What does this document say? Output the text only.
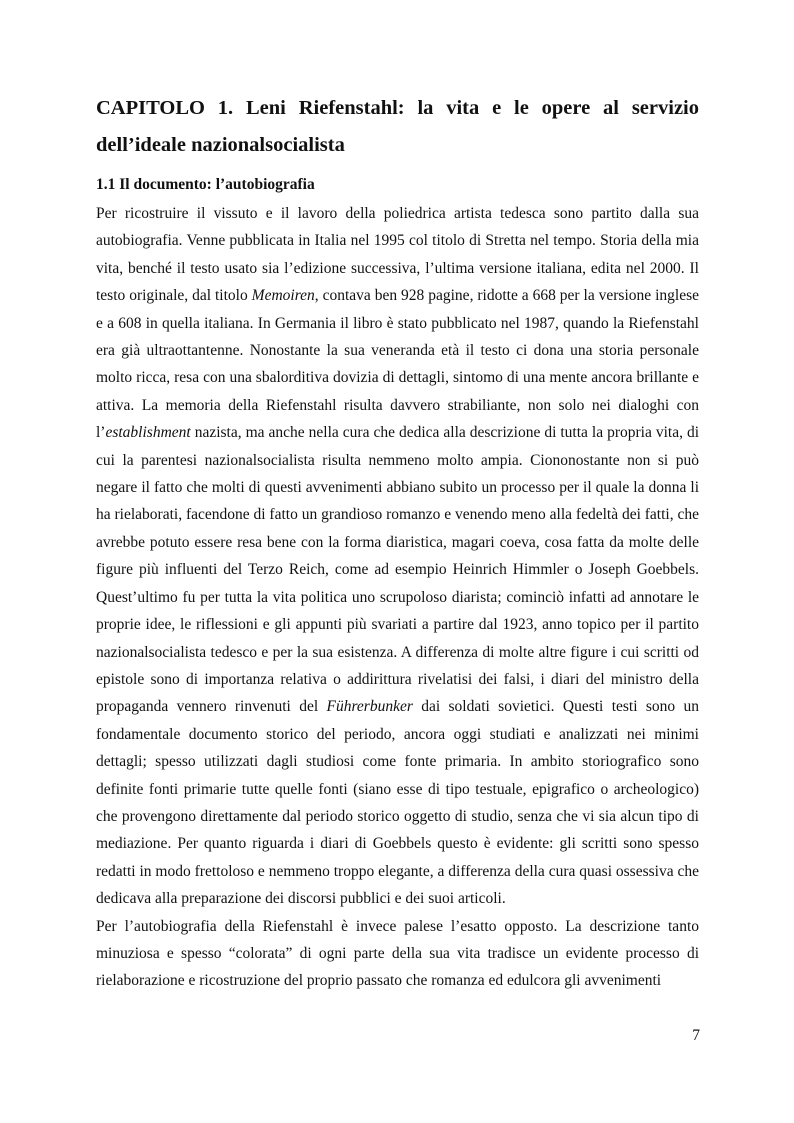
CAPITOLO 1. Leni Riefenstahl: la vita e le opere al servizio dell’ideale nazionalsocialista
1.1 Il documento: l’autobiografia

Per ricostruire il vissuto e il lavoro della poliedrica artista tedesca sono partito dalla sua autobiografia. Venne pubblicata in Italia nel 1995 col titolo di Stretta nel tempo. Storia della mia vita, benché il testo usato sia l’edizione successiva, l’ultima versione italiana, edita nel 2000. Il testo originale, dal titolo Memoiren, contava ben 928 pagine, ridotte a 668 per la versione inglese e a 608 in quella italiana. In Germania il libro è stato pubblicato nel 1987, quando la Riefenstahl era già ultraottantenne. Nonostante la sua veneranda età il testo ci dona una storia personale molto ricca, resa con una sbalorditiva dovizia di dettagli, sintomo di una mente ancora brillante e attiva. La memoria della Riefenstahl risulta davvero strabiliante, non solo nei dialoghi con l’establishment nazista, ma anche nella cura che dedica alla descrizione di tutta la propria vita, di cui la parentesi nazionalsocialista risulta nemmeno molto ampia. Ciononostante non si può negare il fatto che molti di questi avvenimenti abbiano subito un processo per il quale la donna li ha rielaborati, facendone di fatto un grandioso romanzo e venendo meno alla fedeltà dei fatti, che avrebbe potuto essere resa bene con la forma diaristica, magari coeva, cosa fatta da molte delle figure più influenti del Terzo Reich, come ad esempio Heinrich Himmler o Joseph Goebbels. Quest’ultimo fu per tutta la vita politica uno scrupoloso diarista; cominciò infatti ad annotare le proprie idee, le riflessioni e gli appunti più svariati a partire dal 1923, anno topico per il partito nazionalsocialista tedesco e per la sua esistenza. A differenza di molte altre figure i cui scritti od epistole sono di importanza relativa o addirittura rivelatisi dei falsi, i diari del ministro della propaganda vennero rinvenuti del Führerbunker dai soldati sovietici. Questi testi sono un fondamentale documento storico del periodo, ancora oggi studiati e analizzati nei minimi dettagli; spesso utilizzati dagli studiosi come fonte primaria. In ambito storiografico sono definite fonti primarie tutte quelle fonti (siano esse di tipo testuale, epigrafico o archeologico) che provengono direttamente dal periodo storico oggetto di studio, senza che vi sia alcun tipo di mediazione. Per quanto riguarda i diari di Goebbels questo è evidente: gli scritti sono spesso redatti in modo frettoloso e nemmeno troppo elegante, a differenza della cura quasi ossessiva che dedicava alla preparazione dei discorsi pubblici e dei suoi articoli.

Per l’autobiografia della Riefenstahl è invece palese l’esatto opposto. La descrizione tanto minuziosa e spesso “colorata” di ogni parte della sua vita tradisce un evidente processo di rielaborazione e ricostruzione del proprio passato che romanza ed edulcora gli avvenimenti

7
